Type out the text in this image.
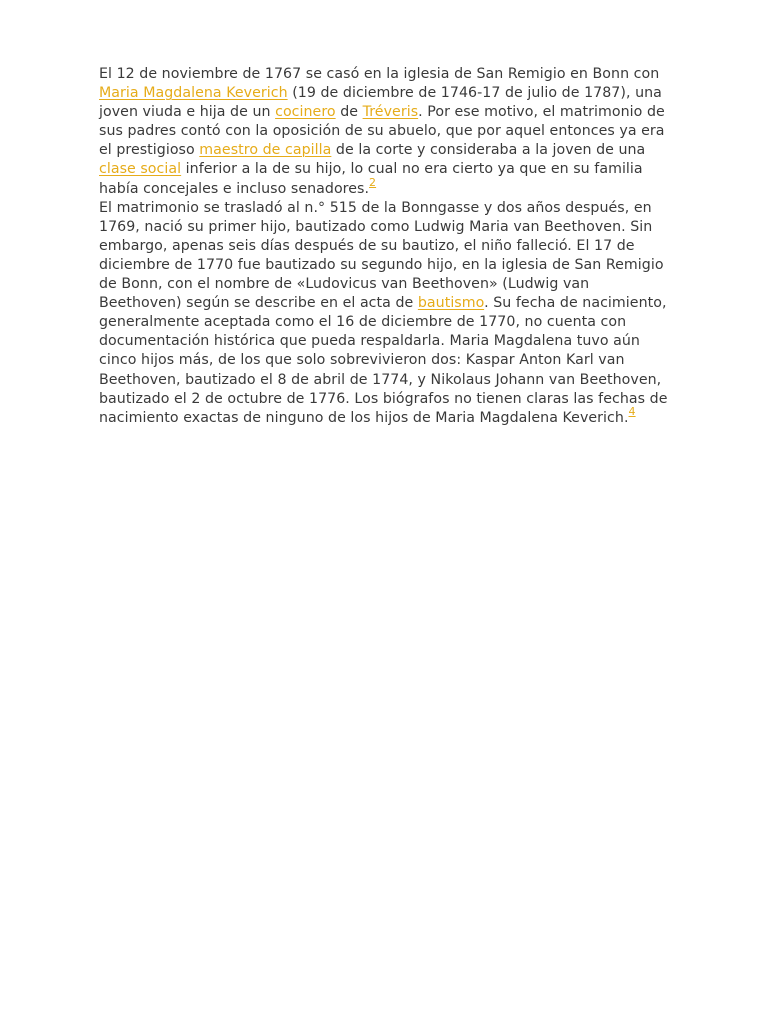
El 12 de noviembre de 1767 se casó en la iglesia de San Remigio en Bonn con Maria Magdalena Keverich (19 de diciembre de 1746-17 de julio de 1787), una joven viuda e hija de un cocinero de Tréveris. Por ese motivo, el matrimonio de sus padres contó con la oposición de su abuelo, que por aquel entonces ya era el prestigioso maestro de capilla de la corte y consideraba a la joven de una clase social inferior a la de su hijo, lo cual no era cierto ya que en su familia había concejales e incluso senadores.$^2$

El matrimonio se trasladó al n.° 515 de la Bonngasse y dos años después, en 1769, nació su primer hijo, bautizado como Ludwig Maria van Beethoven. Sin embargo, apenas seis días después de su bautizo, el niño falleció. El 17 de diciembre de 1770 fue bautizado su segundo hijo, en la iglesia de San Remigio de Bonn, con el nombre de «Ludovicus van Beethoven» (Ludwig van Beethoven) según se describe en el acta de bautismo. Su fecha de nacimiento, generalmente aceptada como el 16 de diciembre de 1770, no cuenta con documentación histórica que pueda respaldarla. Maria Magdalena tuvo aún cinco hijos más, de los que solo sobrevivieron dos: Kaspar Anton Karl van Beethoven, bautizado el 8 de abril de 1774, y Nikolaus Johann van Beethoven, bautizado el 2 de octubre de 1776. Los biógrafos no tienen claras las fechas de nacimiento exactas de ninguno de los hijos de Maria Magdalena Keverich.$^4$
